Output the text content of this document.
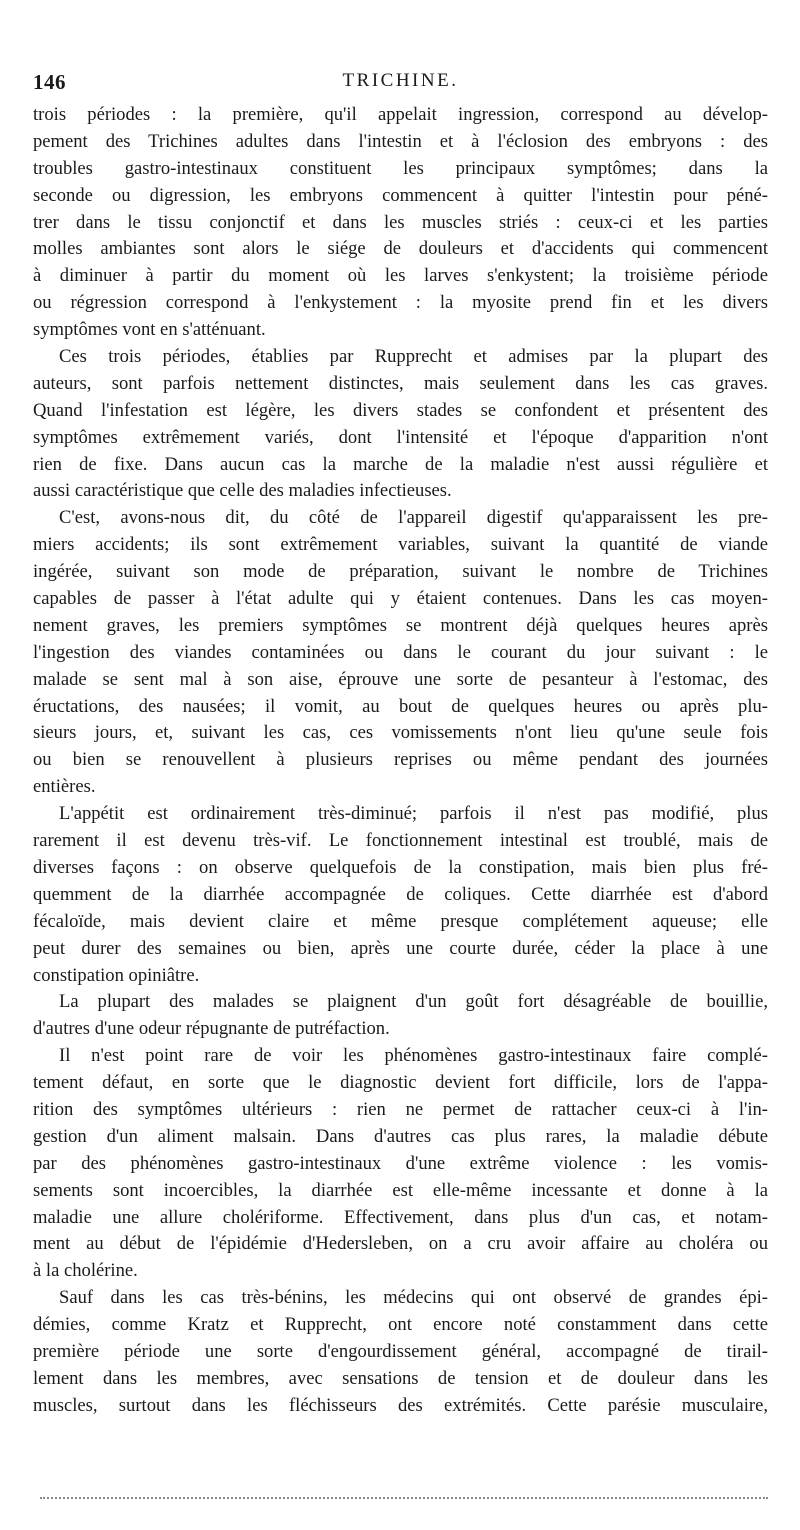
146	TRICHINE.
trois périodes : la première, qu'il appelait ingression, correspond au dévelop-
pement des Trichines adultes dans l'intestin et à l'éclosion des embryons : des
troubles gastro-intestinaux constituent les principaux symptômes; dans la
seconde ou digression, les embryons commencent à quitter l'intestin pour péné-
trer dans le tissu conjonctif et dans les muscles striés : ceux-ci et les parties
molles ambiantes sont alors le siége de douleurs et d'accidents qui commencent
à diminuer à partir du moment où les larves s'enkystent; la troisième période
ou régression correspond à l'enkystement : la myosite prend fin et les divers
symptômes vont en s'atténuant.
Ces trois périodes, établies par Rupprecht et admises par la plupart des
auteurs, sont parfois nettement distinctes, mais seulement dans les cas graves.
Quand l'infestation est légère, les divers stades se confondent et présentent des
symptômes extrêmement variés, dont l'intensité et l'époque d'apparition n'ont
rien de fixe. Dans aucun cas la marche de la maladie n'est aussi régulière et
aussi caractéristique que celle des maladies infectieuses.
C'est, avons-nous dit, du côté de l'appareil digestif qu'apparaissent les pre-
miers accidents; ils sont extrêmement variables, suivant la quantité de viande
ingérée, suivant son mode de préparation, suivant le nombre de Trichines
capables de passer à l'état adulte qui y étaient contenues. Dans les cas moyen-
nement graves, les premiers symptômes se montrent déjà quelques heures après
l'ingestion des viandes contaminées ou dans le courant du jour suivant : le
malade se sent mal à son aise, éprouve une sorte de pesanteur à l'estomac, des
éructations, des nausées; il vomit, au bout de quelques heures ou après plu-
sieurs jours, et, suivant les cas, ces vomissements n'ont lieu qu'une seule fois
ou bien se renouvellent à plusieurs reprises ou même pendant des journées
entières.
L'appétit est ordinairement très-diminué; parfois il n'est pas modifié, plus
rarement il est devenu très-vif. Le fonctionnement intestinal est troublé, mais de
diverses façons : on observe quelquefois de la constipation, mais bien plus fré-
quemment de la diarrhée accompagnée de coliques. Cette diarrhée est d'abord
fécaloïde, mais devient claire et même presque complétement aqueuse; elle
peut durer des semaines ou bien, après une courte durée, céder la place à une
constipation opiniâtre.
La plupart des malades se plaignent d'un goût fort désagréable de bouillie,
d'autres d'une odeur répugnante de putréfaction.
Il n'est point rare de voir les phénomènes gastro-intestinaux faire complé-
tement défaut, en sorte que le diagnostic devient fort difficile, lors de l'appa-
rition des symptômes ultérieurs : rien ne permet de rattacher ceux-ci à l'in-
gestion d'un aliment malsain. Dans d'autres cas plus rares, la maladie débute
par des phénomènes gastro-intestinaux d'une extrême violence : les vomis-
sements sont incoercibles, la diarrhée est elle-même incessante et donne à la
maladie une allure cholériforme. Effectivement, dans plus d'un cas, et notam-
ment au début de l'épidémie d'Hedersleben, on a cru avoir affaire au choléra ou
à la cholérine.
Sauf dans les cas très-bénins, les médecins qui ont observé de grandes épi-
démies, comme Kratz et Rupprecht, ont encore noté constamment dans cette
première période une sorte d'engourdissement général, accompagné de tirail-
lement dans les membres, avec sensations de tension et de douleur dans les
muscles, surtout dans les fléchisseurs des extrémités. Cette parésie musculaire,
